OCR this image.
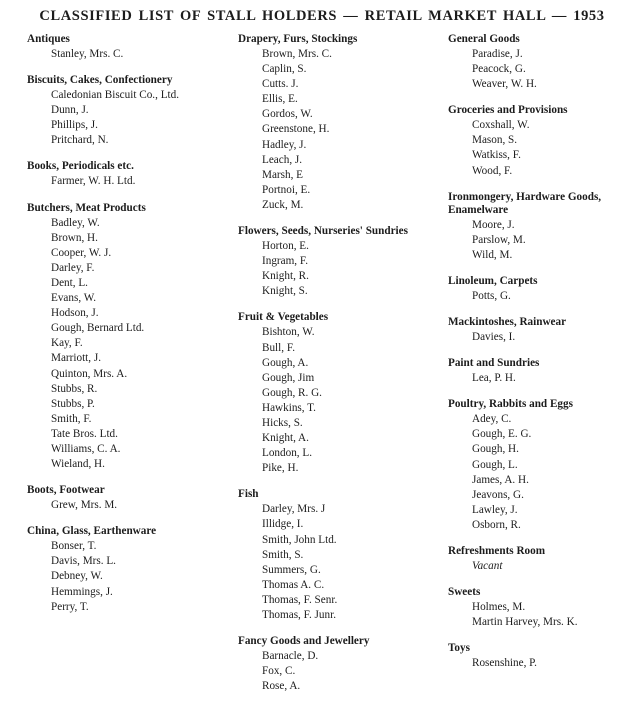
CLASSIFIED LIST OF STALL HOLDERS — RETAIL MARKET HALL — 1953
Antiques
Stanley, Mrs. C.
Biscuits, Cakes, Confectionery
Caledonian Biscuit Co., Ltd.
Dunn, J.
Phillips, J.
Pritchard, N.
Books, Periodicals etc.
Farmer, W. H. Ltd.
Butchers, Meat Products
Badley, W.
Brown, H.
Cooper, W. J.
Darley, F.
Dent, L.
Evans, W.
Hodson, J.
Gough, Bernard Ltd.
Kay, F.
Marriott, J.
Quinton, Mrs. A.
Stubbs, R.
Stubbs, P.
Smith, F.
Tate Bros. Ltd.
Williams, C. A.
Wieland, H.
Boots, Footwear
Grew, Mrs. M.
China, Glass, Earthenware
Bonser, T.
Davis, Mrs. L.
Debney, W.
Hemmings, J.
Perry, T.
Drapery, Furs, Stockings
Brown, Mrs. C.
Caplin, S.
Cutts. J.
Ellis, E.
Gordos, W.
Greenstone, H.
Hadley, J.
Leach, J.
Marsh, E
Portnoi, E.
Zuck, M.
Flowers, Seeds, Nurseries' Sundries
Horton, E.
Ingram, F.
Knight, R.
Knight, S.
Fruit & Vegetables
Bishton, W.
Bull, F.
Gough, A.
Gough, Jim
Gough, R. G.
Hawkins, T.
Hicks, S.
Knight, A.
London, L.
Pike, H.
Fish
Darley, Mrs. J
Illidge, I.
Smith, John Ltd.
Smith, S.
Summers, G.
Thomas A. C.
Thomas, F. Senr.
Thomas, F. Junr.
Fancy Goods and Jewellery
Barnacle, D.
Fox, C.
Rose, A.
General Goods
Paradise, J.
Peacock, G.
Weaver, W. H.
Groceries and Provisions
Coxshall, W.
Mason, S.
Watkiss, F.
Wood, F.
Ironmongery, Hardware Goods, Enamelware
Moore, J.
Parslow, M.
Wild, M.
Linoleum, Carpets
Potts, G.
Mackintoshes, Rainwear
Davies, I.
Paint and Sundries
Lea, P. H.
Poultry, Rabbits and Eggs
Adey, C.
Gough, E. G.
Gough, H.
Gough, L.
James, A. H.
Jeavons, G.
Lawley, J.
Osborn, R.
Refreshments Room
Vacant
Sweets
Holmes, M.
Martin Harvey, Mrs. K.
Toys
Rosenshine, P.
